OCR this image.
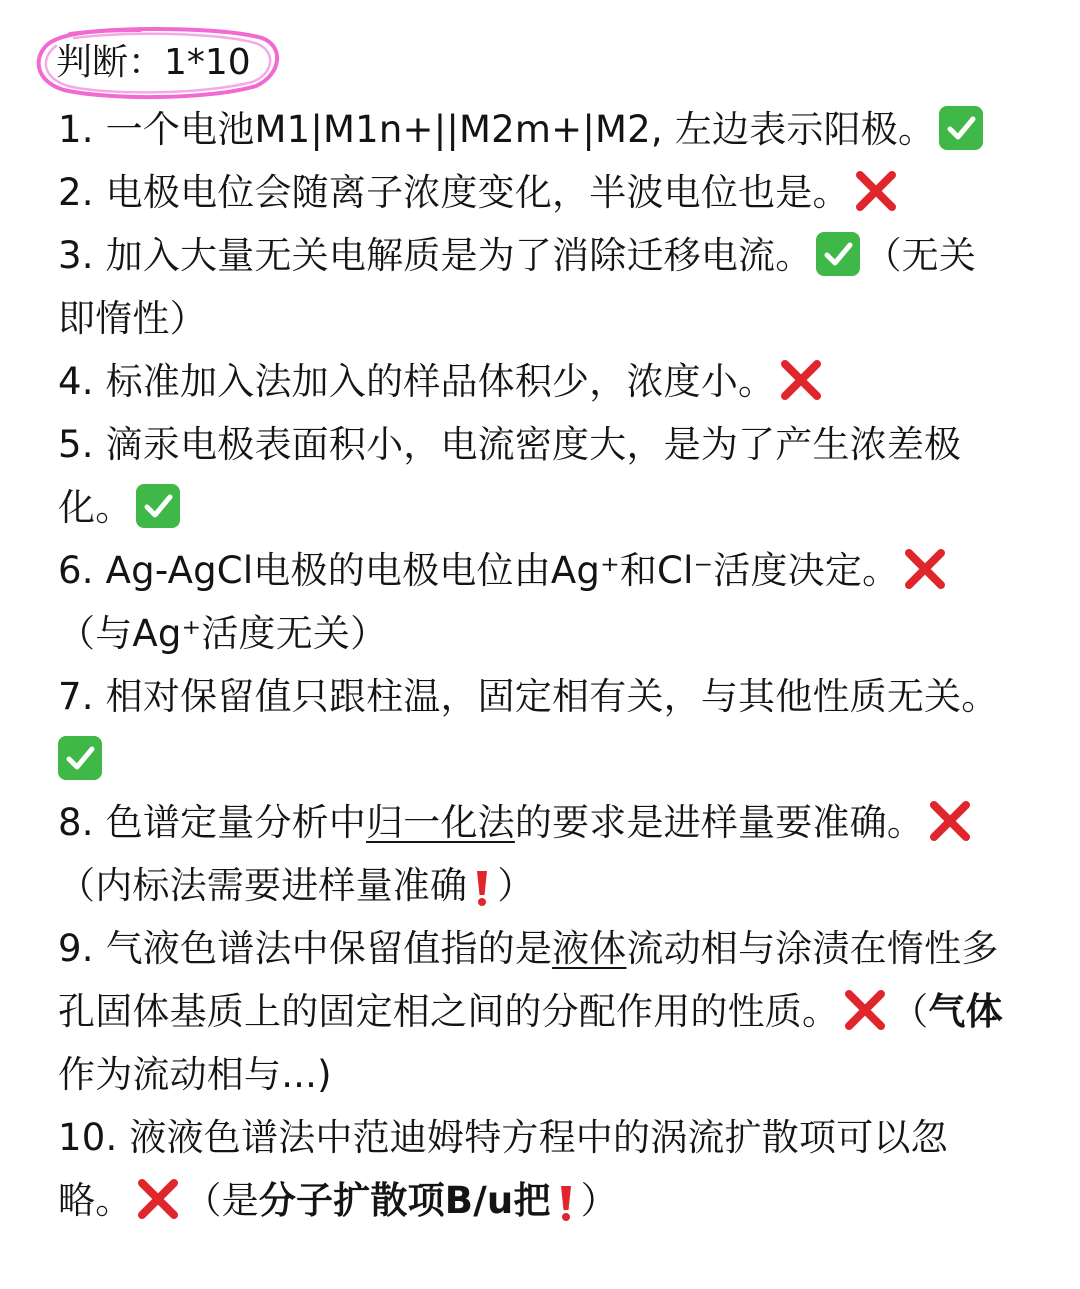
判断：1*10
1. 一个电池M1|M1n+||M2m+|M2, 左边表示阳极。
2. 电极电位会随离子浓度变化，半波电位也是。
3. 加入大量无关电解质是为了消除迁移电流。 （无关
即惰性）
4. 标准加入法加入的样品体积少，浓度小。
5. 滴汞电极表面积小，电流密度大，是为了产生浓差极
化。
6. Ag-AgCl电极的电极电位由Ag⁺和Cl⁻活度决定。
（与Ag⁺活度无关）
7. 相对保留值只跟柱温，固定相有关，与其他性质无关。
8. 色谱定量分析中归一化法的要求是进样量要准确。
（内标法需要进样量准确 ）
9. 气液色谱法中保留值指的是液体流动相与涂渍在惰性多
孔固体基质上的固定相之间的分配作用的性质。 （气体
作为流动相与...)
10. 液液色谱法中范迪姆特方程中的涡流扩散项可以忽
略。 （是分子扩散项B/u把 ）
